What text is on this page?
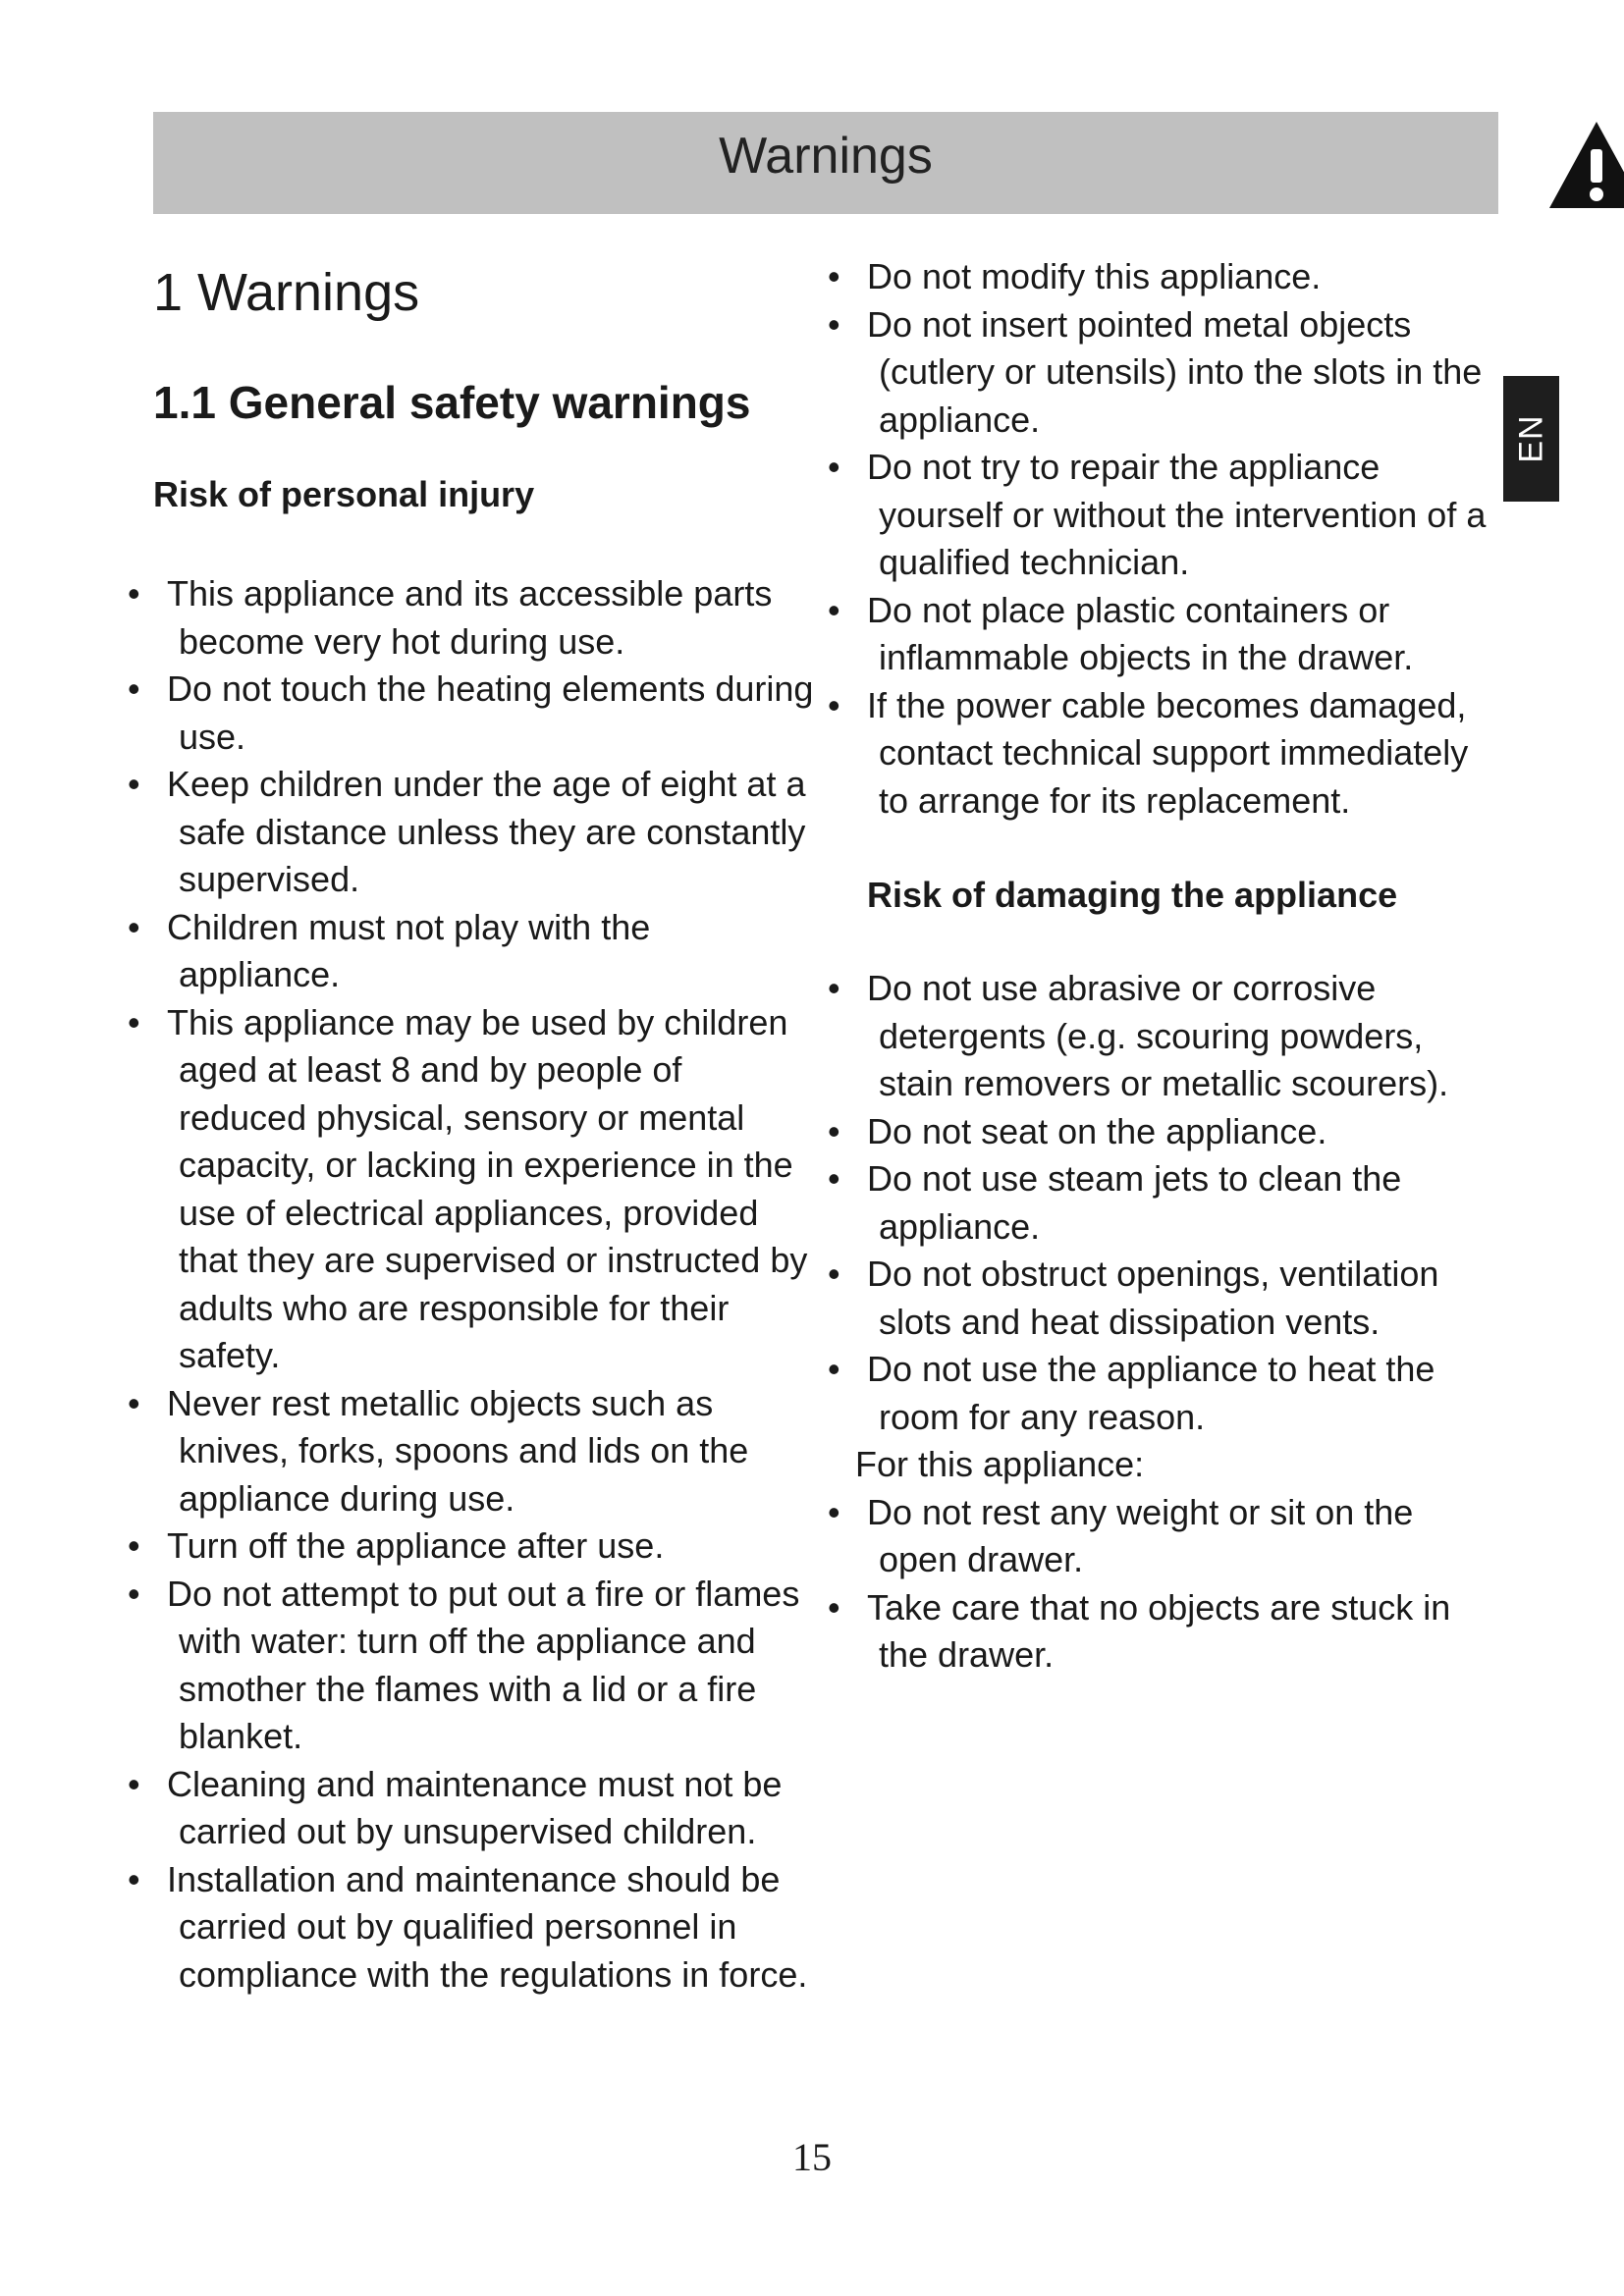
Warnings
EN
1 Warnings
1.1 General safety warnings
Risk of personal injury
• This appliance and its accessible parts become very hot during use.
• Do not touch the heating elements during use.
• Keep children under the age of eight at a safe distance unless they are constantly supervised.
• Children must not play with the appliance.
• This appliance may be used by children aged at least 8 and by people of reduced physical, sensory or mental capacity, or lacking in experience in the use of electrical appliances, provided that they are supervised or instructed by adults who are responsible for their safety.
• Never rest metallic objects such as knives, forks, spoons and lids on the appliance during use.
• Turn off the appliance after use.
• Do not attempt to put out a fire or flames with water: turn off the appliance and smother the flames with a lid or a fire blanket.
• Cleaning and maintenance must not be carried out by unsupervised children.
• Installation and maintenance should be carried out by qualified personnel in compliance with the regulations in force.
• Do not modify this appliance.
• Do not insert pointed metal objects (cutlery or utensils) into the slots in the appliance.
• Do not try to repair the appliance yourself or without the intervention of a qualified technician.
• Do not place plastic containers or inflammable objects in the drawer.
• If the power cable becomes damaged, contact technical support immediately to arrange for its replacement.
Risk of damaging the appliance
• Do not use abrasive or corrosive detergents (e.g. scouring powders, stain removers or metallic scourers).
• Do not seat on the appliance.
• Do not use steam jets to clean the appliance.
• Do not obstruct openings, ventilation slots and heat dissipation vents.
• Do not use the appliance to heat the room for any reason.

For this appliance:

• Do not rest any weight or sit on the open drawer.
• Take care that no objects are stuck in the drawer.
15
